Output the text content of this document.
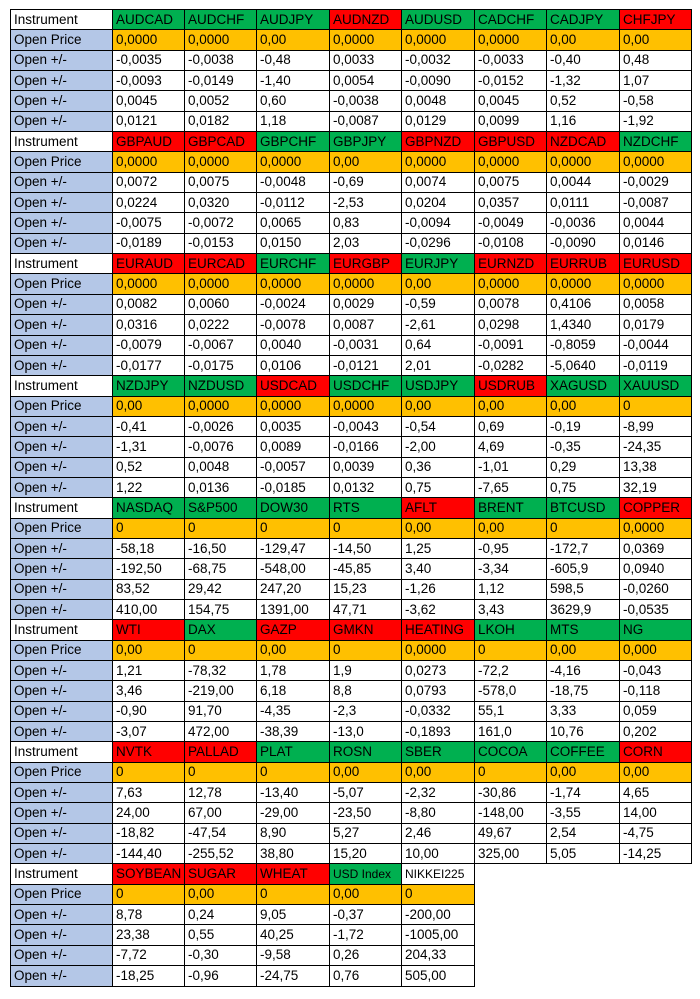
Instrument	AUDCAD	AUDCHF	AUDJPY	AUDNZD	AUDUSD	CADCHF	CADJPY	CHFJPY
Open Price	0,0000	0,0000	0,00	0,0000	0,0000	0,0000	0,00	0,00
Open +/-	-0,0035	-0,0038	-0,48	0,0033	-0,0032	-0,0033	-0,40	0,48
Open +/-	-0,0093	-0,0149	-1,40	0,0054	-0,0090	-0,0152	-1,32	1,07
Open +/-	0,0045	0,0052	0,60	-0,0038	0,0048	0,0045	0,52	-0,58
Open +/-	0,0121	0,0182	1,18	-0,0087	0,0129	0,0099	1,16	-1,92
Instrument	GBPAUD	GBPCAD	GBPCHF	GBPJPY	GBPNZD	GBPUSD	NZDCAD	NZDCHF
Open Price	0,0000	0,0000	0,0000	0,00	0,0000	0,0000	0,0000	0,0000
Open +/-	0,0072	0,0075	-0,0048	-0,69	0,0074	0,0075	0,0044	-0,0029
Open +/-	0,0224	0,0320	-0,0112	-2,53	0,0204	0,0357	0,0111	-0,0087
Open +/-	-0,0075	-0,0072	0,0065	0,83	-0,0094	-0,0049	-0,0036	0,0044
Open +/-	-0,0189	-0,0153	0,0150	2,03	-0,0296	-0,0108	-0,0090	0,0146
Instrument	EURAUD	EURCAD	EURCHF	EURGBP	EURJPY	EURNZD	EURRUB	EURUSD
Open Price	0,0000	0,0000	0,0000	0,0000	0,00	0,0000	0,0000	0,0000
Open +/-	0,0082	0,0060	-0,0024	0,0029	-0,59	0,0078	0,4106	0,0058
Open +/-	0,0316	0,0222	-0,0078	0,0087	-2,61	0,0298	1,4340	0,0179
Open +/-	-0,0079	-0,0067	0,0040	-0,0031	0,64	-0,0091	-0,8059	-0,0044
Open +/-	-0,0177	-0,0175	0,0106	-0,0121	2,01	-0,0282	-5,0640	-0,0119
Instrument	NZDJPY	NZDUSD	USDCAD	USDCHF	USDJPY	USDRUB	XAGUSD	XAUUSD
Open Price	0,00	0,0000	0,0000	0,0000	0,00	0,00	0,00	0
Open +/-	-0,41	-0,0026	0,0035	-0,0043	-0,54	0,69	-0,19	-8,99
Open +/-	-1,31	-0,0076	0,0089	-0,0166	-2,00	4,69	-0,35	-24,35
Open +/-	0,52	0,0048	-0,0057	0,0039	0,36	-1,01	0,29	13,38
Open +/-	1,22	0,0136	-0,0185	0,0132	0,75	-7,65	0,75	32,19
Instrument	NASDAQ	S&P500	DOW30	RTS	AFLT	BRENT	BTCUSD	COPPER
Open Price	0	0	0	0	0,00	0,00	0	0,0000
Open +/-	-58,18	-16,50	-129,47	-14,50	1,25	-0,95	-172,7	0,0369
Open +/-	-192,50	-68,75	-548,00	-45,85	3,40	-3,34	-605,9	0,0940
Open +/-	83,52	29,42	247,20	15,23	-1,26	1,12	598,5	-0,0260
Open +/-	410,00	154,75	1391,00	47,71	-3,62	3,43	3629,9	-0,0535
Instrument	WTI	DAX	GAZP	GMKN	HEATING	LKOH	MTS	NG
Open Price	0,00	0	0,00	0	0,0000	0	0,00	0,000
Open +/-	1,21	-78,32	1,78	1,9	0,0273	-72,2	-4,16	-0,043
Open +/-	3,46	-219,00	6,18	8,8	0,0793	-578,0	-18,75	-0,118
Open +/-	-0,90	91,70	-4,35	-2,3	-0,0332	55,1	3,33	0,059
Open +/-	-3,07	472,00	-38,39	-13,0	-0,1893	161,0	10,76	0,202
Instrument	NVTK	PALLAD	PLAT	ROSN	SBER	COCOA	COFFEE	CORN
Open Price	0	0	0	0,00	0,00	0	0,00	0,00
Open +/-	7,63	12,78	-13,40	-5,07	-2,32	-30,86	-1,74	4,65
Open +/-	24,00	67,00	-29,00	-23,50	-8,80	-148,00	-3,55	14,00
Open +/-	-18,82	-47,54	8,90	5,27	2,46	49,67	2,54	-4,75
Open +/-	-144,40	-255,52	38,80	15,20	10,00	325,00	5,05	-14,25
Instrument	SOYBEAN	SUGAR	WHEAT	USD Index	NIKKEI225			
Open Price	0	0,00	0	0,00	0			
Open +/-	8,78	0,24	9,05	-0,37	-200,00			
Open +/-	23,38	0,55	40,25	-1,72	-1005,00			
Open +/-	-7,72	-0,30	-9,58	0,26	204,33			
Open +/-	-18,25	-0,96	-24,75	0,76	505,00			
